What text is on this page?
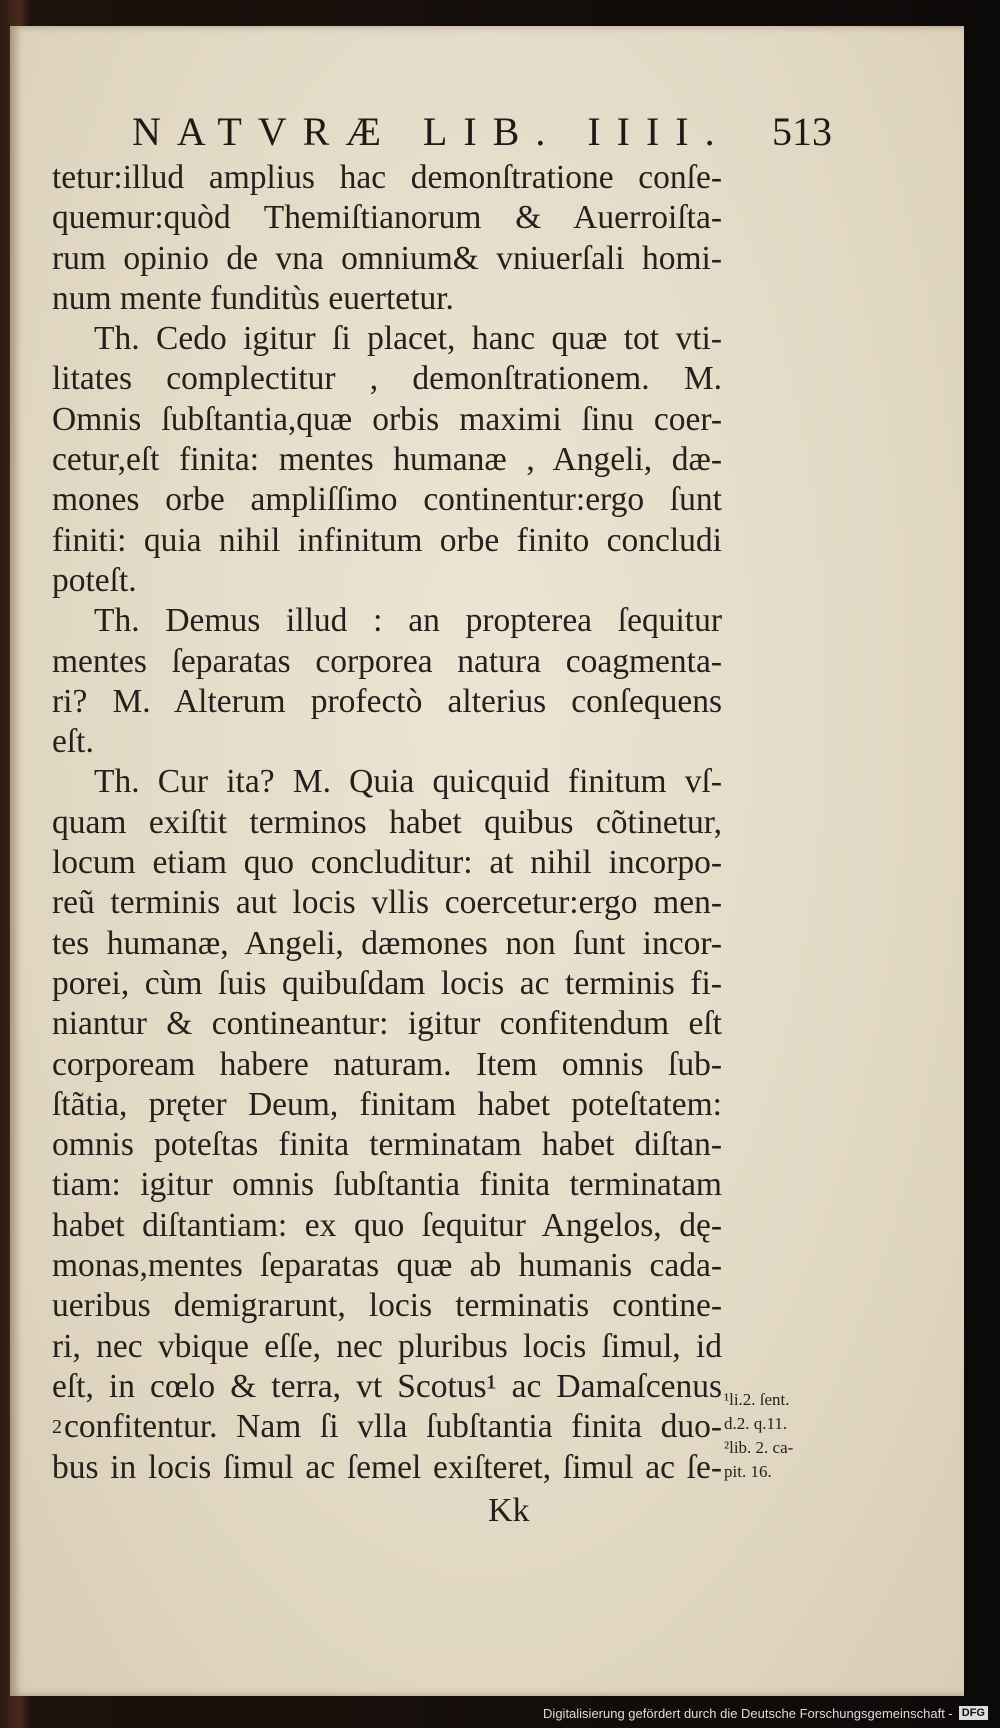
NATVRÆ LIB. IIII. 513
tetur:illud amplius hac demonſtratione conſe-
quemur:quòd Themiſtianorum & Auerroiſta-
rum opinio de vna omnium& vniuerſali homi-
num mente funditùs euertetur.
Th. Cedo igitur ſi placet, hanc quæ tot vti-
litates complectitur , demonſtrationem. M.
Omnis ſubſtantia,quæ orbis maximi ſinu coer-
cetur,eſt finita: mentes humanæ , Angeli, dæ-
mones orbe ampliſſimo continentur:ergo ſunt
finiti: quia nihil infinitum orbe finito concludi
poteſt.
Th. Demus illud : an propterea ſequitur
mentes ſeparatas corporea natura coagmenta-
ri? M. Alterum profectò alterius conſequens
eſt.
Th. Cur ita? M. Quia quicquid finitum vſ-
quam exiſtit terminos habet quibus cõtinetur,
locum etiam quo concluditur: at nihil incorpo-
reũ terminis aut locis vllis coercetur:ergo men-
tes humanæ, Angeli, dæmones non ſunt incor-
porei, cùm ſuis quibuſdam locis ac terminis fi-
niantur & contineantur: igitur confitendum eſt
corpoream habere naturam. Item omnis ſub-
ſtãtia, pręter Deum, finitam habet poteſtatem:
omnis poteſtas finita terminatam habet diſtan-
tiam: igitur omnis ſubſtantia finita terminatam
habet diſtantiam: ex quo ſequitur Angelos, dę-
monas,mentes ſeparatas quæ ab humanis cada-
ueribus demigrarunt, locis terminatis contine-
ri, nec vbique eſſe, nec pluribus locis ſimul, id
eſt, in cœlo & terra, vt Scotus¹ ac Damaſcenus
$^2$confitentur. Nam ſi vlla ſubſtantia finita duo-
bus in locis ſimul ac ſemel exiſteret, ſimul ac ſe-
¹li.2. ſent.
d.2. q.11.
²lib. 2. ca-
pit. 16.
Kk
Digitalisierung gefördert durch die Deutsche Forschungsgemeinschaft - DFG
